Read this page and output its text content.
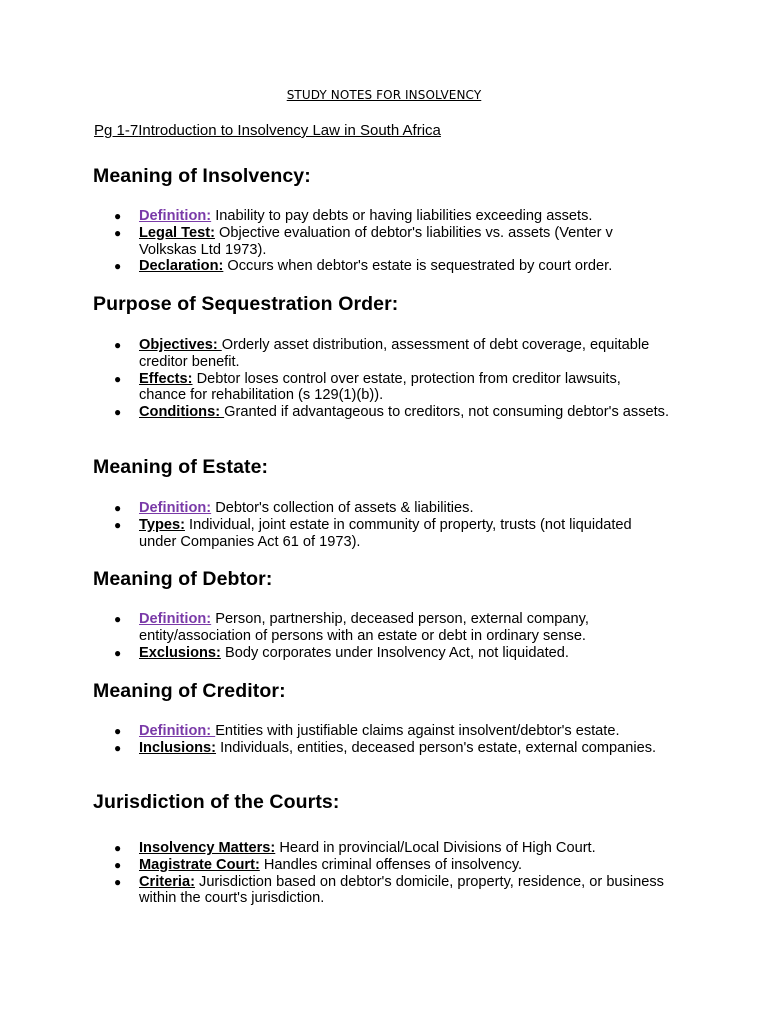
STUDY NOTES FOR INSOLVENCY
Pg 1-7Introduction to Insolvency Law in South Africa
Meaning of Insolvency:
● Definition: Inability to pay debts or having liabilities exceeding assets.
● Legal Test: Objective evaluation of debtor's liabilities vs. assets (Venter v Volkskas Ltd 1973).
● Declaration: Occurs when debtor's estate is sequestrated by court order.
Purpose of Sequestration Order:
● Objectives: Orderly asset distribution, assessment of debt coverage, equitable creditor benefit.
● Effects: Debtor loses control over estate, protection from creditor lawsuits, chance for rehabilitation (s 129(1)(b)).
● Conditions: Granted if advantageous to creditors, not consuming debtor's assets.
Meaning of Estate:
● Definition: Debtor's collection of assets & liabilities.
● Types: Individual, joint estate in community of property, trusts (not liquidated under Companies Act 61 of 1973).
Meaning of Debtor:
● Definition: Person, partnership, deceased person, external company, entity/association of persons with an estate or debt in ordinary sense.
● Exclusions: Body corporates under Insolvency Act, not liquidated.
Meaning of Creditor:
● Definition: Entities with justifiable claims against insolvent/debtor's estate.
● Inclusions: Individuals, entities, deceased person's estate, external companies.
Jurisdiction of the Courts:
● Insolvency Matters: Heard in provincial/Local Divisions of High Court.
● Magistrate Court: Handles criminal offenses of insolvency.
● Criteria: Jurisdiction based on debtor's domicile, property, residence, or business within the court's jurisdiction.
